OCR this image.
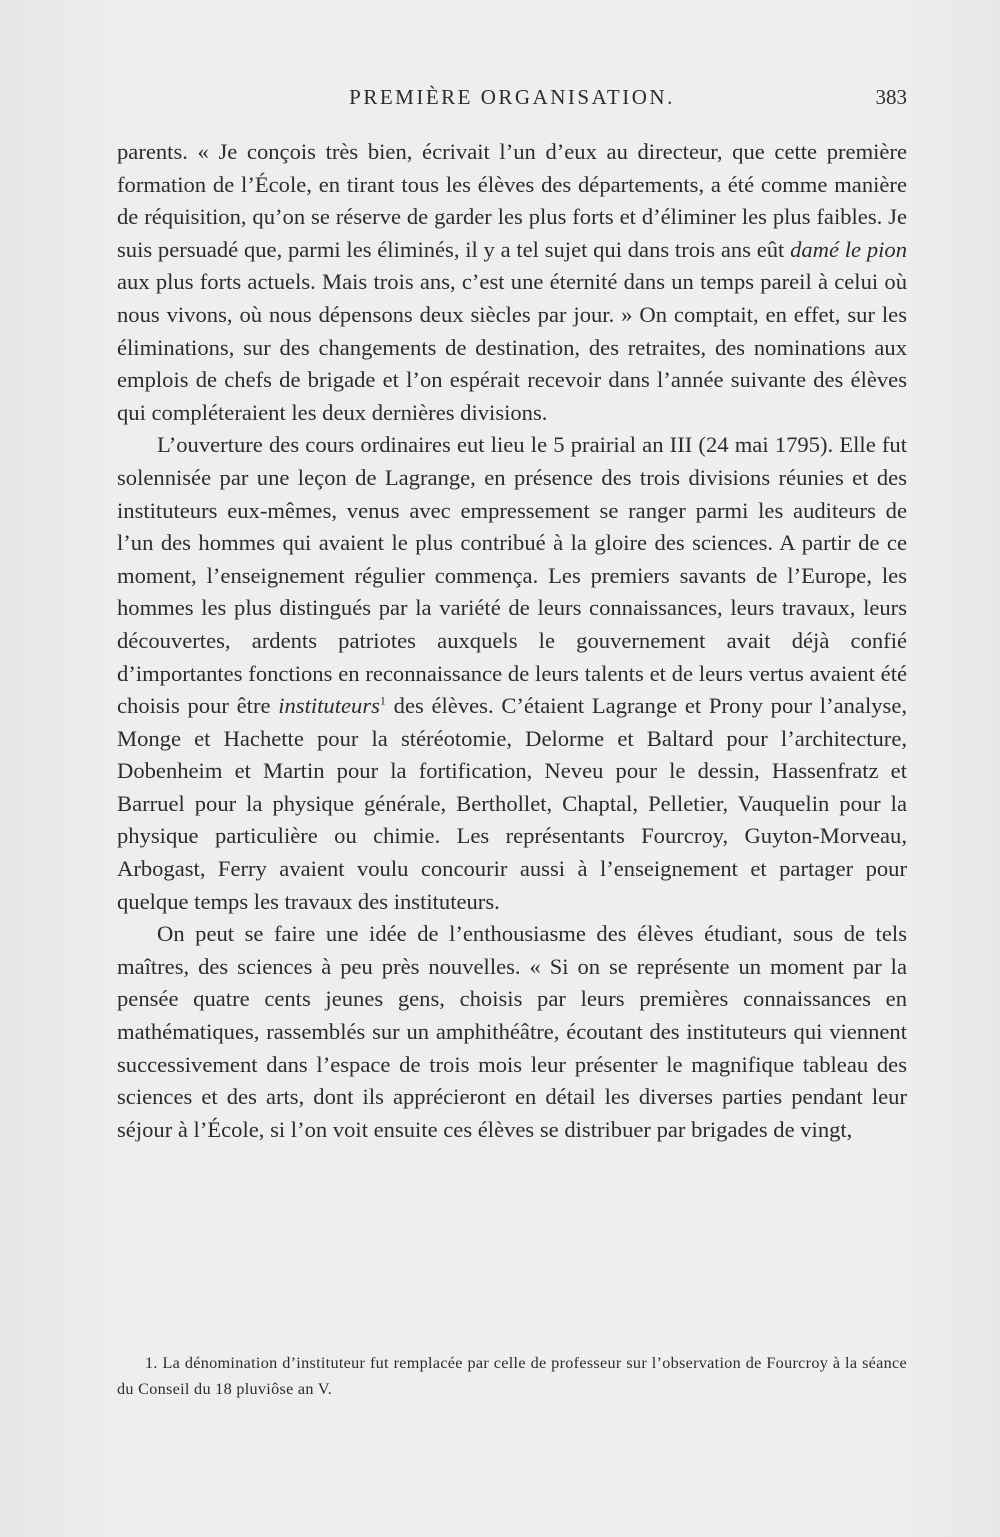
PREMIÈRE ORGANISATION.	383

parents. « Je conçois très bien, écrivait l’un d’eux au directeur, que cette première formation de l’École, en tirant tous les élèves des départements, a été comme manière de réquisition, qu’on se réserve de garder les plus forts et d’éliminer les plus faibles. Je suis persuadé que, parmi les éliminés, il y a tel sujet qui dans trois ans eût damé le pion aux plus forts actuels. Mais trois ans, c’est une éternité dans un temps pareil à celui où nous vivons, où nous dépensons deux siècles par jour. » On comptait, en effet, sur les éliminations, sur des changements de destination, des retraites, des nominations aux emplois de chefs de brigade et l’on espérait recevoir dans l’année suivante des élèves qui compléteraient les deux dernières divisions.

L’ouverture des cours ordinaires eut lieu le 5 prairial an III (24 mai 1795). Elle fut solennisée par une leçon de Lagrange, en présence des trois divisions réunies et des instituteurs eux-mêmes, venus avec empressement se ranger parmi les auditeurs de l’un des hommes qui avaient le plus contribué à la gloire des sciences. A partir de ce moment, l’enseignement régulier commença. Les premiers savants de l’Europe, les hommes les plus distingués par la variété de leurs connaissances, leurs travaux, leurs découvertes, ardents patriotes auxquels le gouvernement avait déjà confié d’importantes fonctions en reconnaissance de leurs talents et de leurs vertus avaient été choisis pour être instituteurs$^1$ des élèves. C’étaient Lagrange et Prony pour l’analyse, Monge et Hachette pour la stéréotomie, Delorme et Baltard pour l’architecture, Dobenheim et Martin pour la fortification, Neveu pour le dessin, Hassenfratz et Barruel pour la physique générale, Berthollet, Chaptal, Pelletier, Vauquelin pour la physique particulière ou chimie. Les représentants Fourcroy, Guyton-Morveau, Arbogast, Ferry avaient voulu concourir aussi à l’enseignement et partager pour quelque temps les travaux des instituteurs.

On peut se faire une idée de l’enthousiasme des élèves étudiant, sous de tels maîtres, des sciences à peu près nouvelles. « Si on se représente un moment par la pensée quatre cents jeunes gens, choisis par leurs premières connaissances en mathématiques, rassemblés sur un amphithéâtre, écoutant des instituteurs qui viennent successivement dans l’espace de trois mois leur présenter le magnifique tableau des sciences et des arts, dont ils apprécieront en détail les diverses parties pendant leur séjour à l’École, si l’on voit ensuite ces élèves se distribuer par brigades de vingt,

1. La dénomination d’instituteur fut remplacée par celle de professeur sur l’observation de Fourcroy à la séance du Conseil du 18 pluviôse an V.
